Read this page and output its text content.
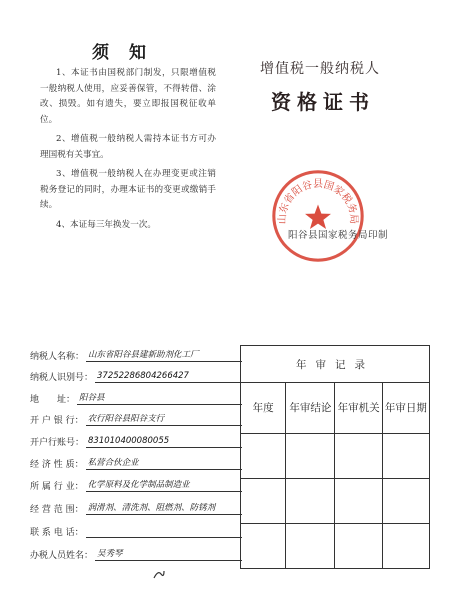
须知
1、本证书由国税部门制发，只限增值税一般纳税人使用，应妥善保管，不得转借、涂改、损毁。如有遗失，要立即报国税征收单位。
2、增值税一般纳税人需持本证书方可办理国税有关事宜。
3、增值税一般纳税人在办理变更或注销税务登记的同时，办理本证书的变更或缴销手续。
4、本证每三年换发一次。
增值税一般纳税人
资格证书
山东省阳谷县国家税务局
阳谷县国家税务局印制
纳税人名称： 山东省阳谷县建新助剂化工厂
纳税人识别号： 37252286804266427
地　　址： 阳谷县
开 户 银 行： 农行阳谷县阳谷支行
开户行账号： 831010400080055
经 济 性 质： 私营合伙企业
所 属 行 业： 化学原料及化学制品制造业
经 营 范 围： 润滑剂、清洗剂、阻燃剂、防锈剂
联 系 电 话：
办税人员姓名： 吴秀琴
年审记录			
年度	年审结论	年审机关	年审日期
